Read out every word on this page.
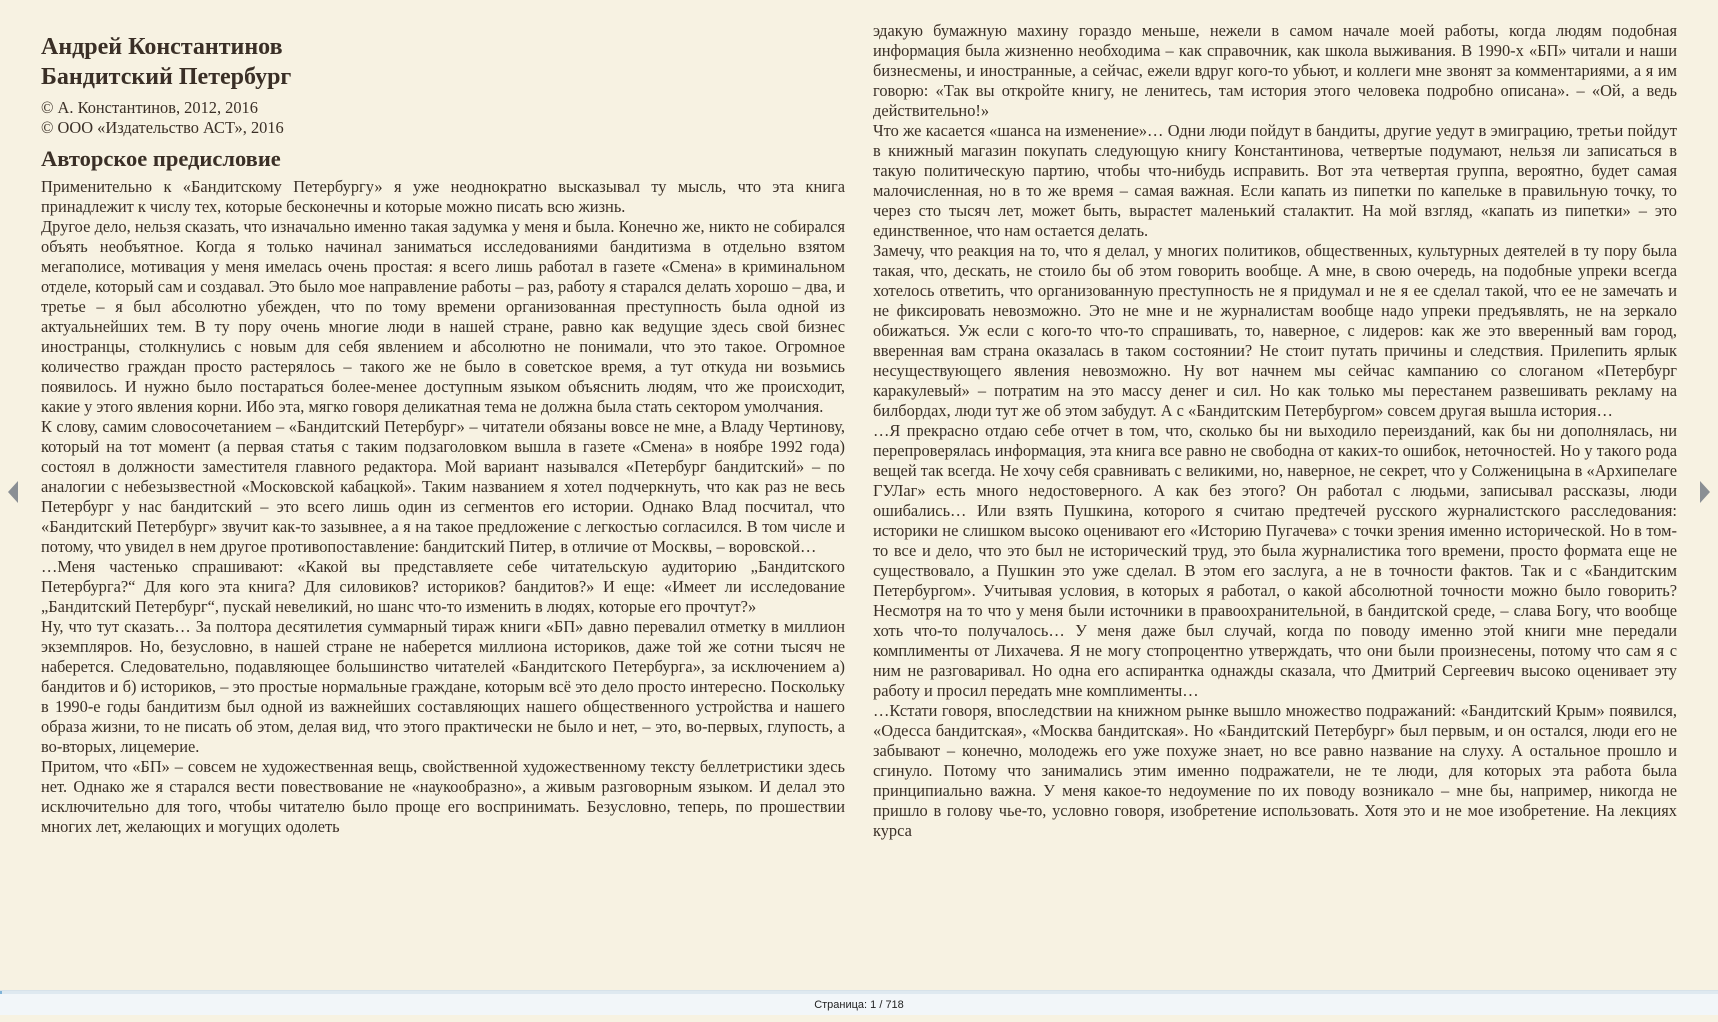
Андрей Константинов
Бандитский Петербург

© А. Константинов, 2012, 2016

© ООО «Издательство АСТ», 2016

Авторское предисловие

Применительно к «Бандитскому Петербургу» я уже неоднократно высказывал ту мысль, что эта книга принадлежит к числу тех, которые бесконечны и которые можно писать всю жизнь.

Другое дело, нельзя сказать, что изначально именно такая задумка у меня и была. Конечно же, никто не собирался объять необъятное. Когда я только начинал заниматься исследованиями бандитизма в отдельно взятом мегаполисе, мотивация у меня имелась очень простая: я всего лишь работал в газете «Смена» в криминальном отделе, который сам и создавал. Это было мое направление работы – раз, работу я старался делать хорошо – два, и третье – я был абсолютно убежден, что по тому времени организованная преступность была одной из актуальнейших тем. В ту пору очень многие люди в нашей стране, равно как ведущие здесь свой бизнес иностранцы, столкнулись с новым для себя явлением и абсолютно не понимали, что это такое. Огромное количество граждан просто растерялось – такого же не было в советское время, а тут откуда ни возьмись появилось. И нужно было постараться более-менее доступным языком объяснить людям, что же происходит, какие у этого явления корни. Ибо эта, мягко говоря деликатная тема не должна была стать сектором умолчания.

К слову, самим словосочетанием – «Бандитский Петербург» – читатели обязаны вовсе не мне, а Владу Чертинову, который на тот момент (а первая статья с таким подзаголовком вышла в газете «Смена» в ноябре 1992 года) состоял в должности заместителя главного редактора. Мой вариант назывался «Петербург бандитский» – по аналогии с небезызвестной «Московской кабацкой». Таким названием я хотел подчеркнуть, что как раз не весь Петербург у нас бандитский – это всего лишь один из сегментов его истории. Однако Влад посчитал, что «Бандитский Петербург» звучит как-то зазывнее, а я на такое предложение с легкостью согласился. В том числе и потому, что увидел в нем другое противопоставление: бандитский Питер, в отличие от Москвы, – воровской…

…Меня частенько спрашивают: «Какой вы представляете себе читательскую аудиторию „Бандитского Петербурга?“ Для кого эта книга? Для силовиков? историков? бандитов?» И еще: «Имеет ли исследование „Бандитский Петербург“, пускай невеликий, но шанс что-то изменить в людях, которые его прочтут?»

Ну, что тут сказать… За полтора десятилетия суммарный тираж книги «БП» давно перевалил отметку в миллион экземпляров. Но, безусловно, в нашей стране не наберется миллиона историков, даже той же сотни тысяч не наберется. Следовательно, подавляющее большинство читателей «Бандитского Петербурга», за исключением а) бандитов и б) историков, – это простые нормальные граждане, которым всё это дело просто интересно. Поскольку в 1990-е годы бандитизм был одной из важнейших составляющих нашего общественного устройства и нашего образа жизни, то не писать об этом, делая вид, что этого практически не было и нет, – это, во-первых, глупость, а во-вторых, лицемерие.

Притом, что «БП» – совсем не художественная вещь, свойственной художественному тексту беллетристики здесь нет. Однако же я старался вести повествование не «наукообразно», а живым разговорным языком. И делал это исключительно для того, чтобы читателю было проще его воспринимать. Безусловно, теперь, по прошествии многих лет, желающих и могущих одолеть

эдакую бумажную махину гораздо меньше, нежели в самом начале моей работы, когда людям подобная информация была жизненно необходима – как справочник, как школа выживания. В 1990-х «БП» читали и наши бизнесмены, и иностранные, а сейчас, ежели вдруг кого-то убьют, и коллеги мне звонят за комментариями, а я им говорю: «Так вы откройте книгу, не ленитесь, там история этого человека подробно описана». – «Ой, а ведь действительно!»

Что же касается «шанса на изменение»… Одни люди пойдут в бандиты, другие уедут в эмиграцию, третьи пойдут в книжный магазин покупать следующую книгу Константинова, четвертые подумают, нельзя ли записаться в такую политическую партию, чтобы что-нибудь исправить. Вот эта четвертая группа, вероятно, будет самая малочисленная, но в то же время – самая важная. Если капать из пипетки по капельке в правильную точку, то через сто тысяч лет, может быть, вырастет маленький сталактит. На мой взгляд, «капать из пипетки» – это единственное, что нам остается делать.

Замечу, что реакция на то, что я делал, у многих политиков, общественных, культурных деятелей в ту пору была такая, что, дескать, не стоило бы об этом говорить вообще. А мне, в свою очередь, на подобные упреки всегда хотелось ответить, что организованную преступность не я придумал и не я ее сделал такой, что ее не замечать и не фиксировать невозможно. Это не мне и не журналистам вообще надо упреки предъявлять, не на зеркало обижаться. Уж если с кого-то что-то спрашивать, то, наверное, с лидеров: как же это вверенный вам город, вверенная вам страна оказалась в таком состоянии? Не стоит путать причины и следствия. Прилепить ярлык несуществующего явления невозможно. Ну вот начнем мы сейчас кампанию со слоганом «Петербург каракулевый» – потратим на это массу денег и сил. Но как только мы перестанем развешивать рекламу на билбордах, люди тут же об этом забудут. А с «Бандитским Петербургом» совсем другая вышла история…

…Я прекрасно отдаю себе отчет в том, что, сколько бы ни выходило переизданий, как бы ни дополнялась, ни перепроверялась информация, эта книга все равно не свободна от каких-то ошибок, неточностей. Но у такого рода вещей так всегда. Не хочу себя сравнивать с великими, но, наверное, не секрет, что у Солженицына в «Архипелаге ГУЛаг» есть много недостоверного. А как без этого? Он работал с людьми, записывал рассказы, люди ошибались… Или взять Пушкина, которого я считаю предтечей русского журналистского расследования: историки не слишком высоко оценивают его «Историю Пугачева» с точки зрения именно исторической. Но в том-то все и дело, что это был не исторический труд, это была журналистика того времени, просто формата еще не существовало, а Пушкин это уже сделал. В этом его заслуга, а не в точности фактов. Так и с «Бандитским Петербургом». Учитывая условия, в которых я работал, о какой абсолютной точности можно было говорить? Несмотря на то что у меня были источники в правоохранительной, в бандитской среде, – слава Богу, что вообще хоть что-то получалось… У меня даже был случай, когда по поводу именно этой книги мне передали комплименты от Лихачева. Я не могу стопроцентно утверждать, что они были произнесены, потому что сам я с ним не разговаривал. Но одна его аспирантка однажды сказала, что Дмитрий Сергеевич высоко оценивает эту работу и просил передать мне комплименты…

…Кстати говоря, впоследствии на книжном рынке вышло множество подражаний: «Бандитский Крым» появился, «Одесса бандитская», «Москва бандитская». Но «Бандитский Петербург» был первым, и он остался, люди его не забывают – конечно, молодежь его уже похуже знает, но все равно название на слуху. А остальное прошло и сгинуло. Потому что занимались этим именно подражатели, не те люди, для которых эта работа была принципиально важна. У меня какое-то недоумение по их поводу возникало – мне бы, например, никогда не пришло в голову чье-то, условно говоря, изобретение использовать. Хотя это и не мое изобретение. На лекциях курса

Страница: 1 / 718
